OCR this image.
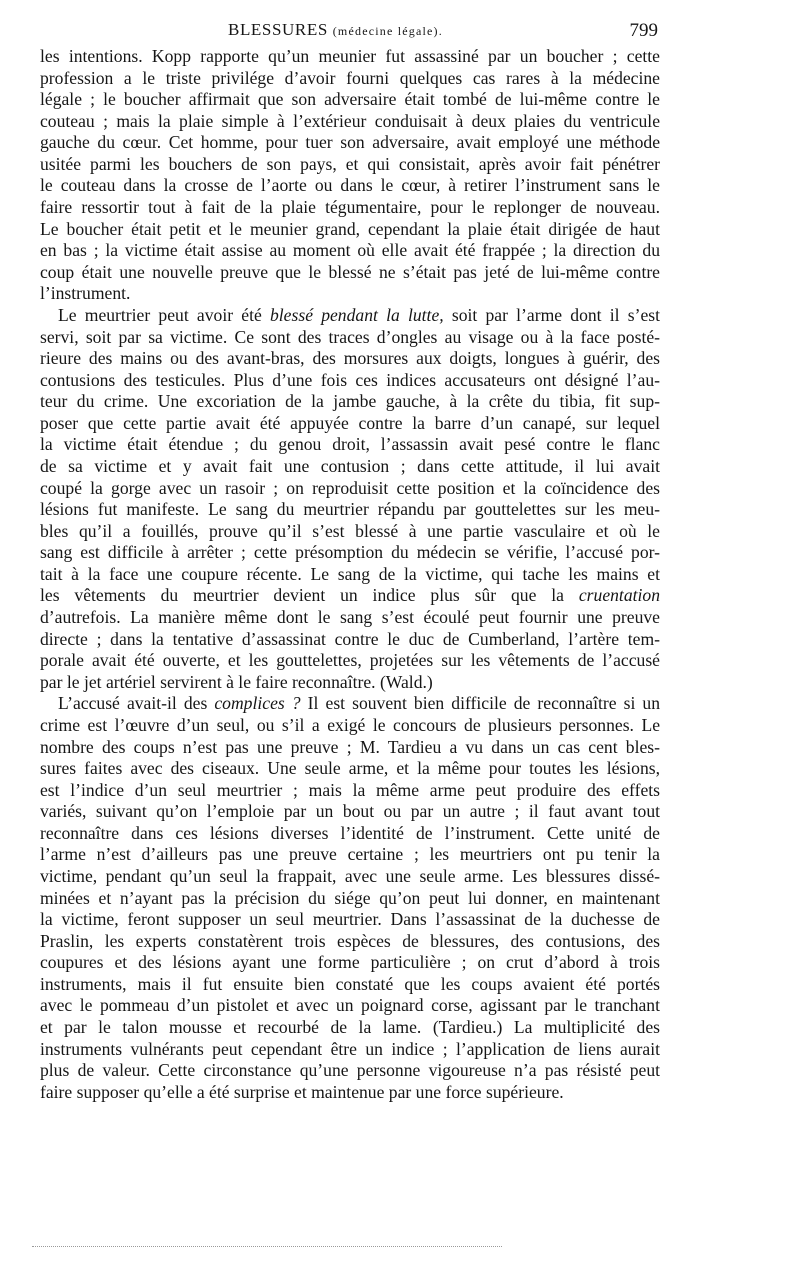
BLESSURES (médecine légale).	799
les intentions. Kopp rapporte qu’un meunier fut assassiné par un boucher ; cette
profession a le triste privilége d’avoir fourni quelques cas rares à la médecine
légale ; le boucher affirmait que son adversaire était tombé de lui-même contre le
couteau ; mais la plaie simple à l’extérieur conduisait à deux plaies du ventricule
gauche du cœur. Cet homme, pour tuer son adversaire, avait employé une méthode
usitée parmi les bouchers de son pays, et qui consistait, après avoir fait pénétrer
le couteau dans la crosse de l’aorte ou dans le cœur, à retirer l’instrument sans le
faire ressortir tout à fait de la plaie tégumentaire, pour le replonger de nouveau.
Le boucher était petit et le meunier grand, cependant la plaie était dirigée de haut
en bas ; la victime était assise au moment où elle avait été frappée ; la direction du
coup était une nouvelle preuve que le blessé ne s’était pas jeté de lui-même contre
l’instrument.
Le meurtrier peut avoir été blessé pendant la lutte, soit par l’arme dont il s’est
servi, soit par sa victime. Ce sont des traces d’ongles au visage ou à la face posté-
rieure des mains ou des avant-bras, des morsures aux doigts, longues à guérir, des
contusions des testicules. Plus d’une fois ces indices accusateurs ont désigné l’au-
teur du crime. Une excoriation de la jambe gauche, à la crête du tibia, fit sup-
poser que cette partie avait été appuyée contre la barre d’un canapé, sur lequel
la victime était étendue ; du genou droit, l’assassin avait pesé contre le flanc
de sa victime et y avait fait une contusion ; dans cette attitude, il lui avait
coupé la gorge avec un rasoir ; on reproduisit cette position et la coïncidence des
lésions fut manifeste. Le sang du meurtrier répandu par gouttelettes sur les meu-
bles qu’il a fouillés, prouve qu’il s’est blessé à une partie vasculaire et où le
sang est difficile à arrêter ; cette présomption du médecin se vérifie, l’accusé por-
tait à la face une coupure récente. Le sang de la victime, qui tache les mains et
les vêtements du meurtrier devient un indice plus sûr que la cruentation
d’autrefois. La manière même dont le sang s’est écoulé peut fournir une preuve
directe ; dans la tentative d’assassinat contre le duc de Cumberland, l’artère tem-
porale avait été ouverte, et les gouttelettes, projetées sur les vêtements de l’accusé
par le jet artériel servirent à le faire reconnaître. (Wald.)
L’accusé avait-il des complices ? Il est souvent bien difficile de reconnaître si un
crime est l’œuvre d’un seul, ou s’il a exigé le concours de plusieurs personnes. Le
nombre des coups n’est pas une preuve ; M. Tardieu a vu dans un cas cent bles-
sures faites avec des ciseaux. Une seule arme, et la même pour toutes les lésions,
est l’indice d’un seul meurtrier ; mais la même arme peut produire des effets
variés, suivant qu’on l’emploie par un bout ou par un autre ; il faut avant tout
reconnaître dans ces lésions diverses l’identité de l’instrument. Cette unité de
l’arme n’est d’ailleurs pas une preuve certaine ; les meurtriers ont pu tenir la
victime, pendant qu’un seul la frappait, avec une seule arme. Les blessures dissé-
minées et n’ayant pas la précision du siége qu’on peut lui donner, en maintenant
la victime, feront supposer un seul meurtrier. Dans l’assassinat de la duchesse de
Praslin, les experts constatèrent trois espèces de blessures, des contusions, des
coupures et des lésions ayant une forme particulière ; on crut d’abord à trois
instruments, mais il fut ensuite bien constaté que les coups avaient été portés
avec le pommeau d’un pistolet et avec un poignard corse, agissant par le tranchant
et par le talon mousse et recourbé de la lame. (Tardieu.) La multiplicité des
instruments vulnérants peut cependant être un indice ; l’application de liens aurait
plus de valeur. Cette circonstance qu’une personne vigoureuse n’a pas résisté peut
faire supposer qu’elle a été surprise et maintenue par une force supérieure.
